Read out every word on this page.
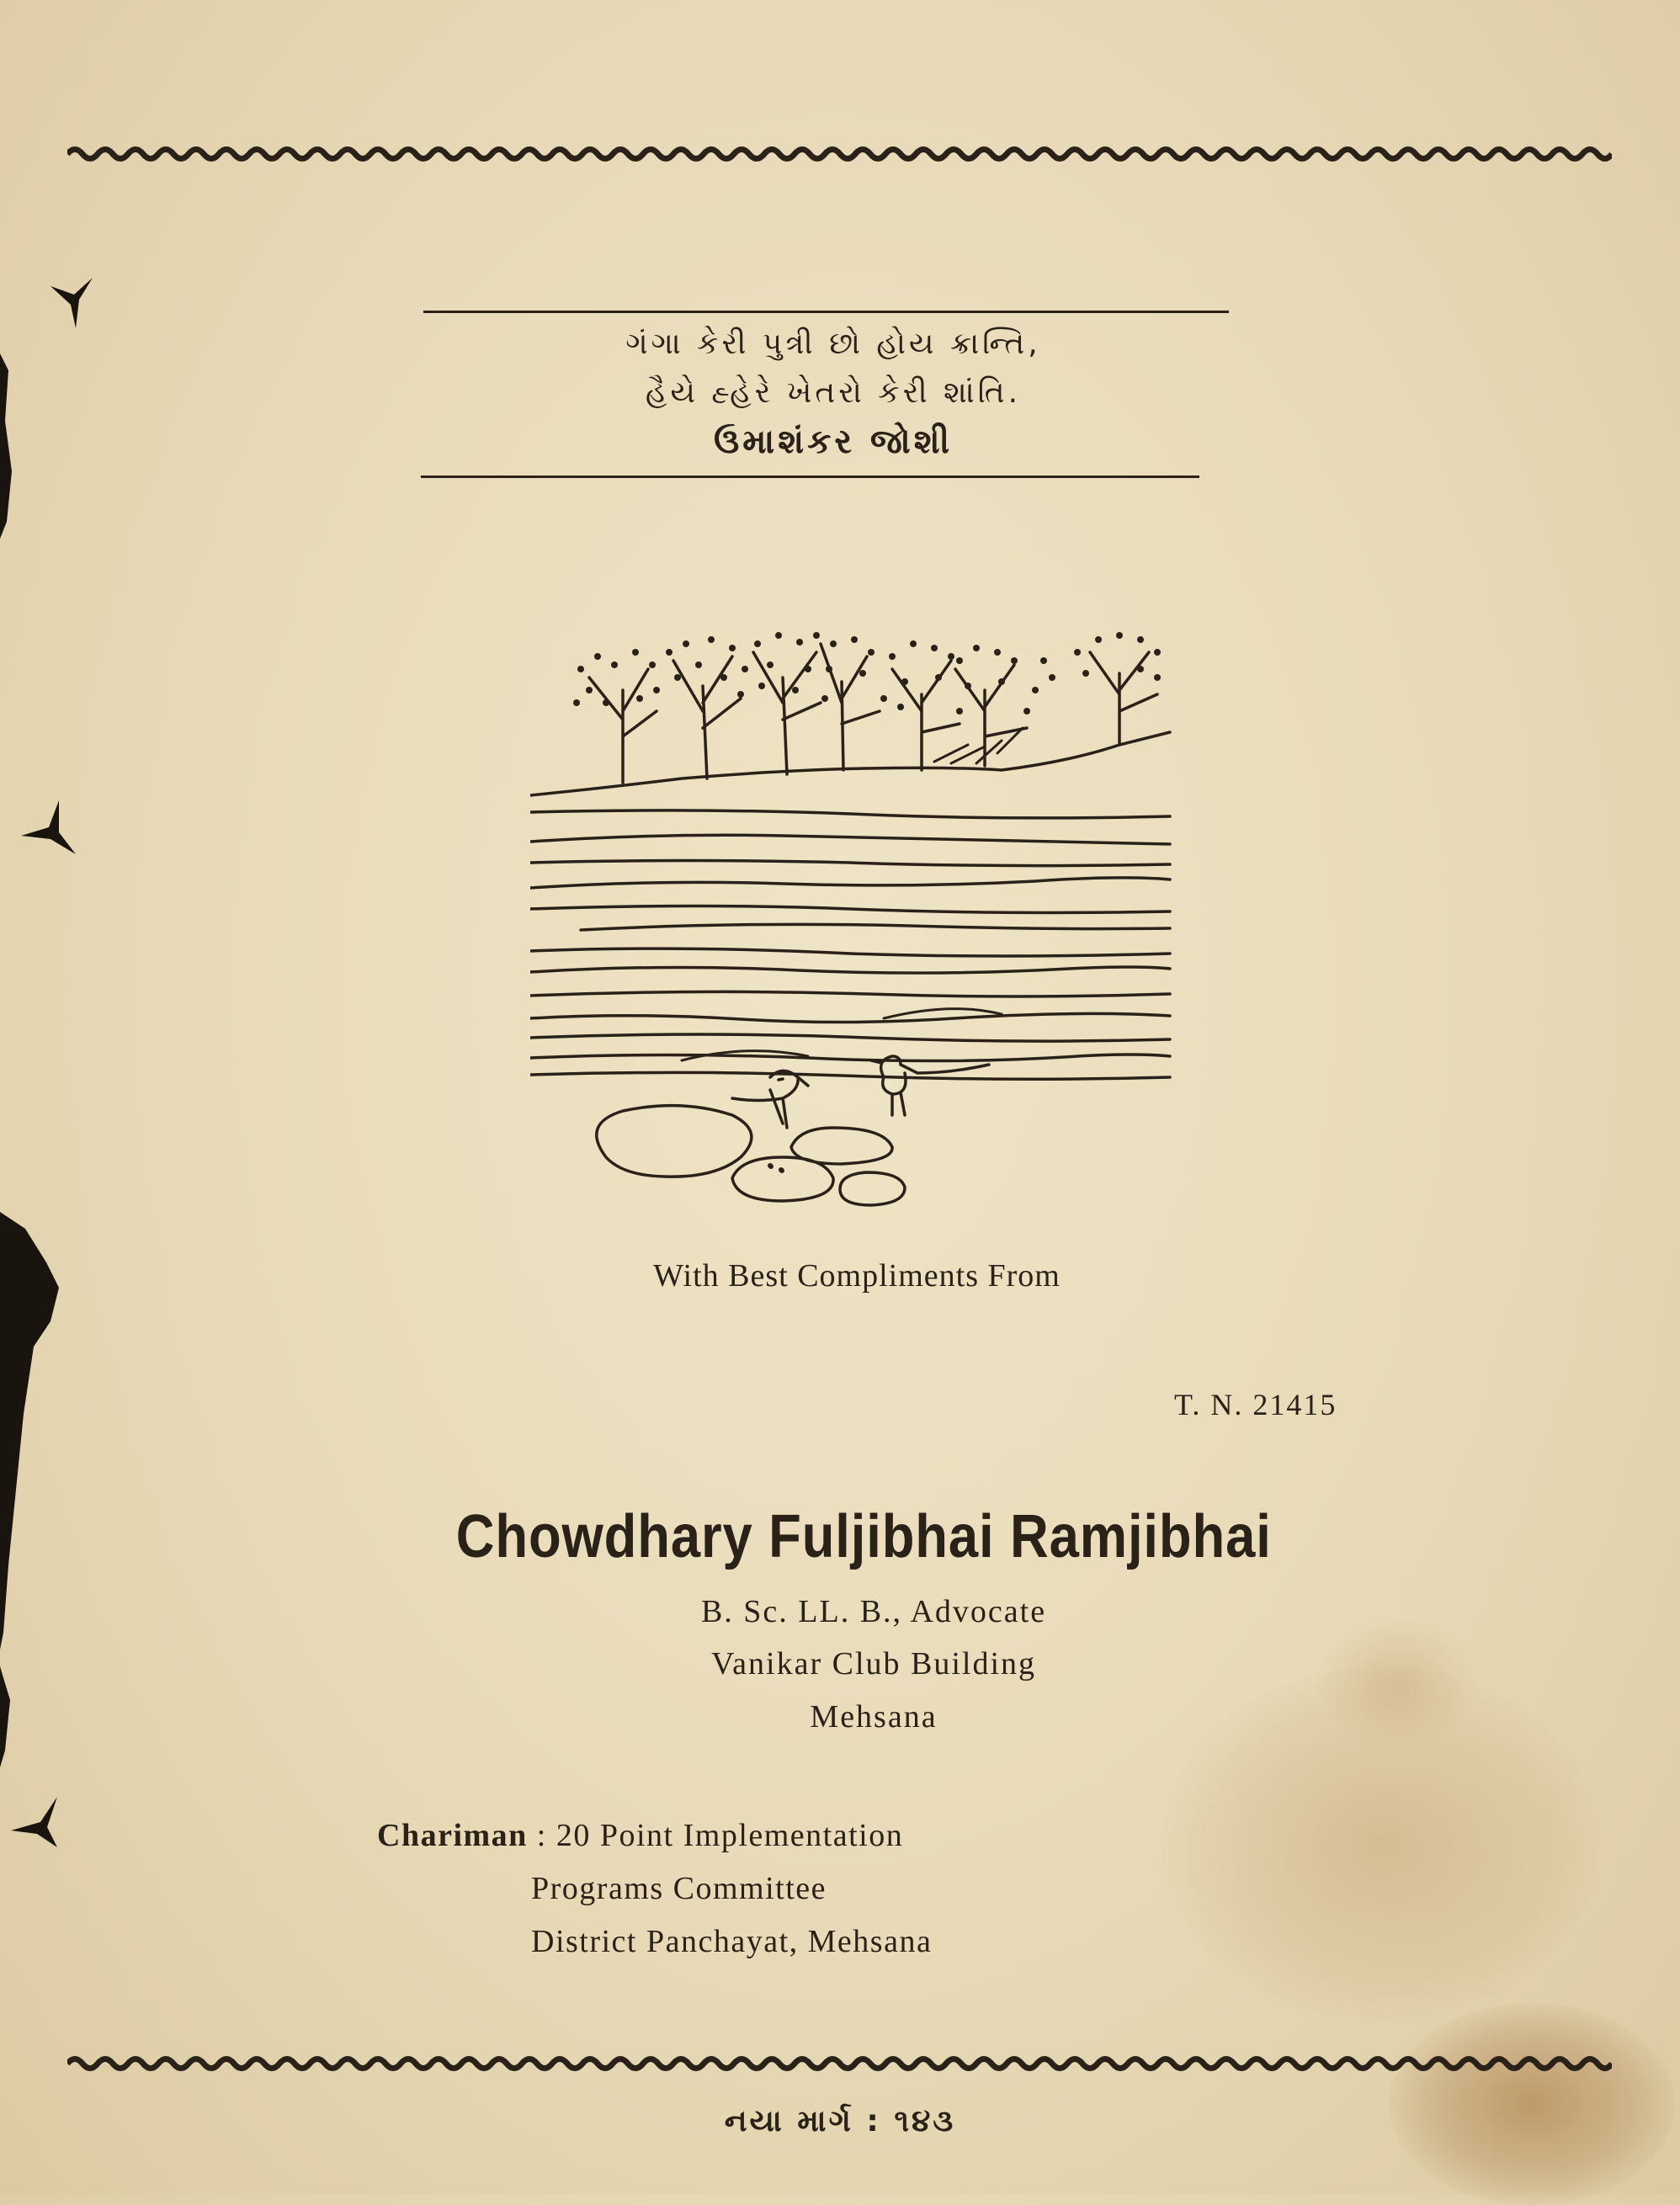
ગંગા કેરી પુત્રી છો હોય ક્રાન્તિ,
હૈયે હ્હેરે ખેતરો કેરી શાંતિ.
ઉમાશંકર જોશી
With Best Compliments From
T. N. 21415
Chowdhary Fuljibhai Ramjibhai
B. Sc. LL. B., Advocate
Vanikar Club Building
Mehsana
Chariman : 20 Point Implementation
Programs Committee
District Panchayat, Mehsana
નયા માર્ગ : ૧૪૩
